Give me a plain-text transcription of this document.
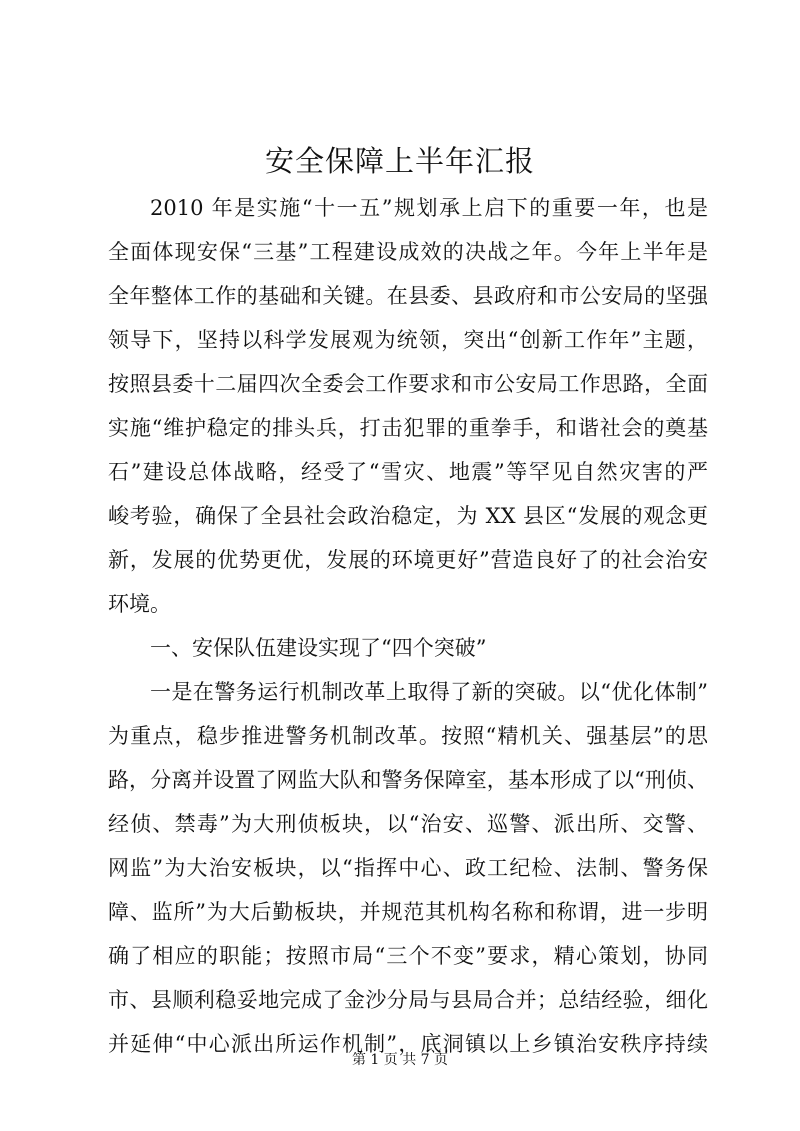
安全保障上半年汇报
2010 年是实施“十一五”规划承上启下的重要一年，也是
全面体现安保“三基”工程建设成效的决战之年。今年上半年是
全年整体工作的基础和关键。在县委、县政府和市公安局的坚强
领导下，坚持以科学发展观为统领，突出“创新工作年”主题，
按照县委十二届四次全委会工作要求和市公安局工作思路，全面
实施“维护稳定的排头兵，打击犯罪的重拳手，和谐社会的奠基
石”建设总体战略，经受了“雪灾、地震”等罕见自然灾害的严
峻考验，确保了全县社会政治稳定，为 XX 县区“发展的观念更
新，发展的优势更优，发展的环境更好”营造良好了的社会治安
环境。
一、安保队伍建设实现了“四个突破”
一是在警务运行机制改革上取得了新的突破。以“优化体制”
为重点，稳步推进警务机制改革。按照“精机关、强基层”的思
路，分离并设置了网监大队和警务保障室，基本形成了以“刑侦、
经侦、禁毒”为大刑侦板块，以“治安、巡警、派出所、交警、
网监”为大治安板块，以“指挥中心、政工纪检、法制、警务保
障、监所”为大后勤板块，并规范其机构名称和称谓，进一步明
确了相应的职能；按照市局“三个不变”要求，精心策划，协同
市、县顺利稳妥地完成了金沙分局与县局合并；总结经验，细化
并延伸“中心派出所运作机制”，底洞镇以上乡镇治安秩序持续
第 1 页 共 7 页
